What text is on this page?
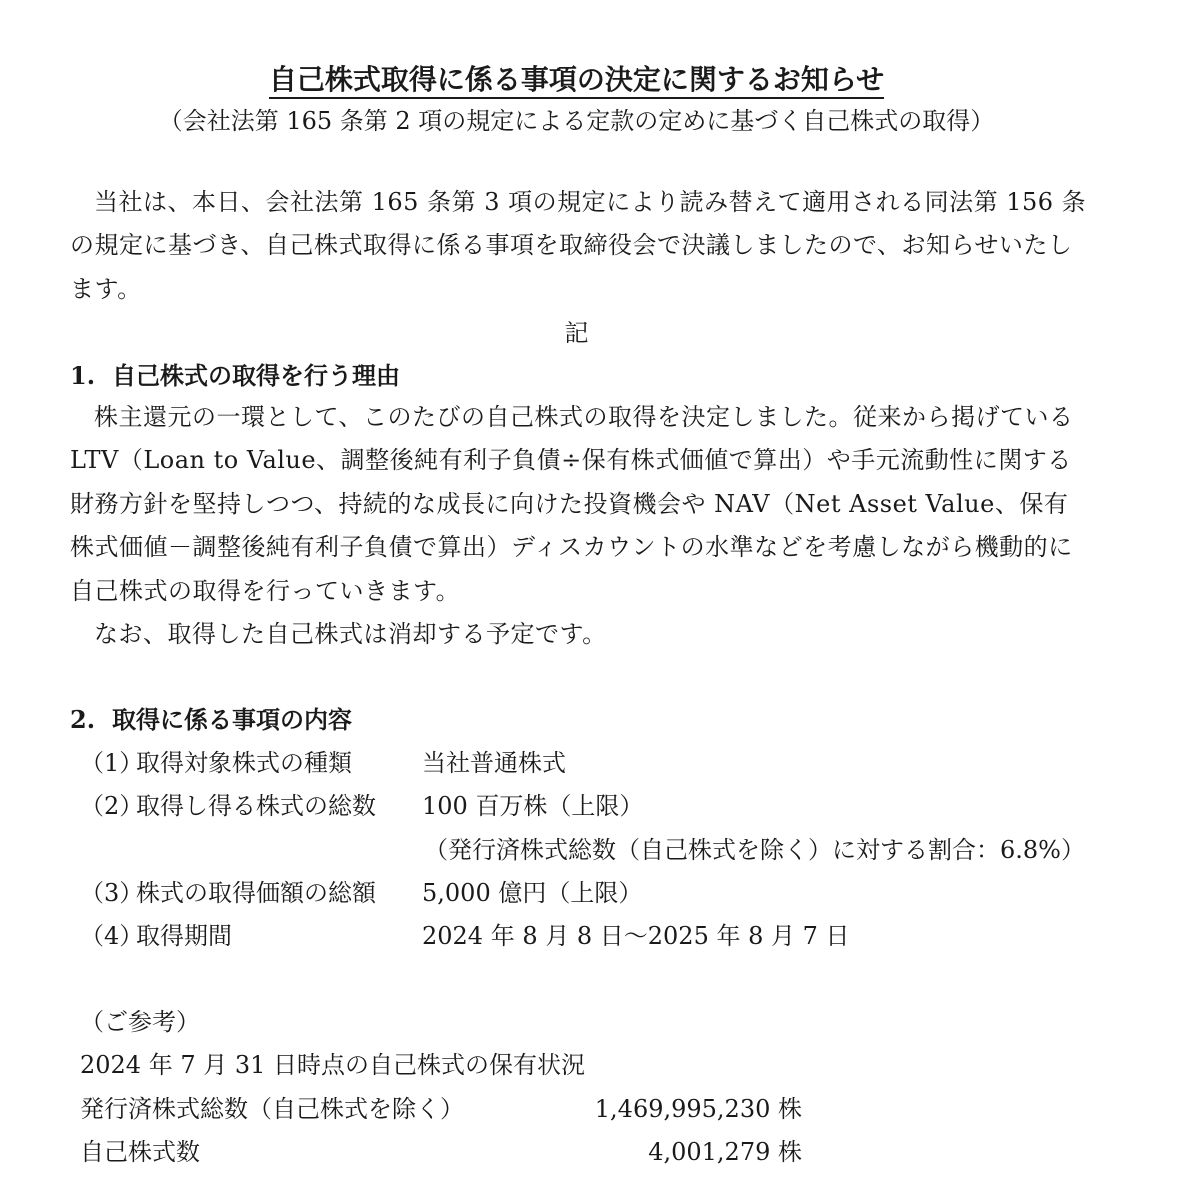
自己株式取得に係る事項の決定に関するお知らせ
（会社法第 165 条第 2 項の規定による定款の定めに基づく自己株式の取得）
当社は、本日、会社法第 165 条第 3 項の規定により読み替えて適用される同法第 156 条の規定に基づき、自己株式取得に係る事項を取締役会で決議しましたので、お知らせいたします。
記
1. 自己株式の取得を行う理由
株主還元の一環として、このたびの自己株式の取得を決定しました。従来から掲げているLTV（Loan to Value、調整後純有利子負債÷保有株式価値で算出）や手元流動性に関する財務方針を堅持しつつ、持続的な成長に向けた投資機会や NAV（Net Asset Value、保有株式価値－調整後純有利子負債で算出）ディスカウントの水準などを考慮しながら機動的に自己株式の取得を行っていきます。
なお、取得した自己株式は消却する予定です。
2. 取得に係る事項の内容
（1）取得対象株式の種類	当社普通株式
（2）取得し得る株式の総数 100 百万株（上限）
（発行済株式総数（自己株式を除く）に対する割合：6.8%）
（3）株式の取得価額の総額 5,000 億円（上限）
（4）取得期間	2024 年 8 月 8 日～2025 年 8 月 7 日
（ご参考）
2024 年 7 月 31 日時点の自己株式の保有状況
発行済株式総数（自己株式を除く）	1,469,995,230 株
自己株式数	4,001,279 株
